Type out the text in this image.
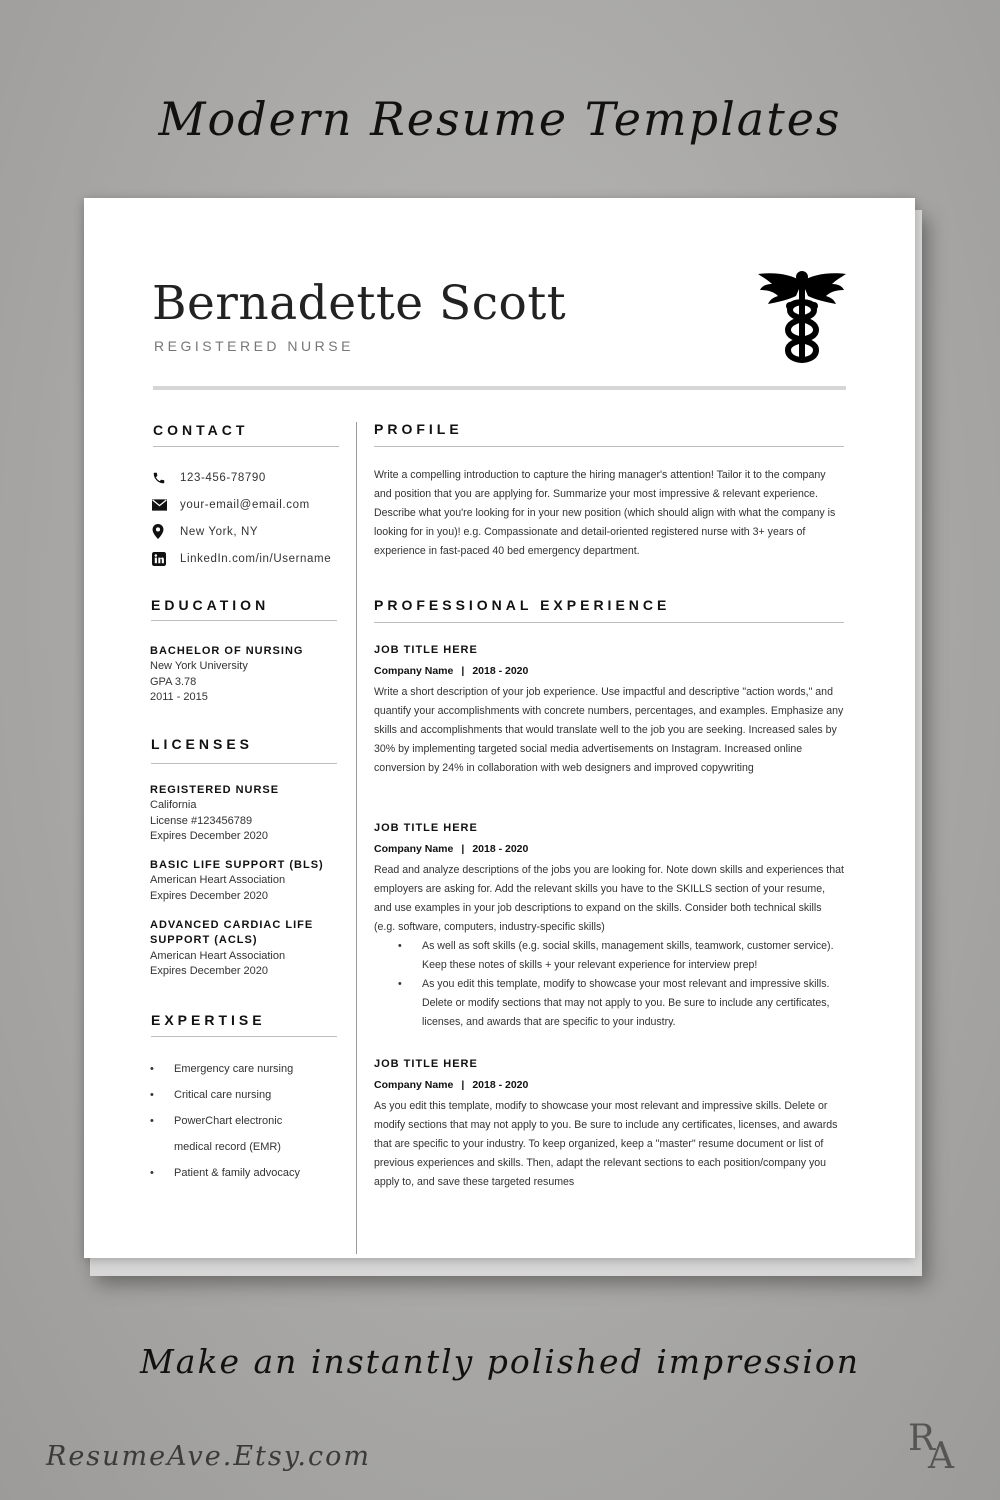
Modern Resume Templates
Bernadette Scott
REGISTERED NURSE
CONTACT
123-456-78790
your-email@email.com
New York, NY
LinkedIn.com/in/Username
EDUCATION
BACHELOR OF NURSING
New York University
GPA 3.78
2011 - 2015
LICENSES
REGISTERED NURSE
California
License #123456789
Expires December 2020
BASIC LIFE SUPPORT (BLS)
American Heart Association
Expires December 2020
ADVANCED CARDIAC LIFE SUPPORT (ACLS)
American Heart Association
Expires December 2020
EXPERTISE
• Emergency care nursing
• Critical care nursing
• PowerChart electronic medical record (EMR)
• Patient & family advocacy
PROFILE

Write a compelling introduction to capture the hiring manager's attention! Tailor it to the company and position that you are applying for. Summarize your most impressive & relevant experience. Describe what you're looking for in your new position (which should align with what the company is looking for in you)! e.g. Compassionate and detail-oriented registered nurse with 3+ years of experience in fast-paced 40 bed emergency department.

PROFESSIONAL EXPERIENCE
JOB TITLE HERE
Company Name | 2018 - 2020

Write a short description of your job experience. Use impactful and descriptive "action words," and quantify your accomplishments with concrete numbers, percentages, and examples. Emphasize any skills and accomplishments that would translate well to the job you are seeking. Increased sales by 30% by implementing targeted social media advertisements on Instagram. Increased online conversion by 24% in collaboration with web designers and improved copywriting

JOB TITLE HERE
Company Name | 2018 - 2020

Read and analyze descriptions of the jobs you are looking for. Note down skills and experiences that employers are asking for. Add the relevant skills you have to the SKILLS section of your resume, and use examples in your job descriptions to expand on the skills. Consider both technical skills (e.g. software, computers, industry-specific skills)

• As well as soft skills (e.g. social skills, management skills, teamwork, customer service). Keep these notes of skills + your relevant experience for interview prep!
• As you edit this template, modify to showcase your most relevant and impressive skills. Delete or modify sections that may not apply to you. Be sure to include any certificates, licenses, and awards that are specific to your industry.
JOB TITLE HERE
Company Name | 2018 - 2020

As you edit this template, modify to showcase your most relevant and impressive skills. Delete or modify sections that may not apply to you. Be sure to include any certificates, licenses, and awards that are specific to your industry. To keep organized, keep a "master" resume document or list of previous experiences and skills. Then, adapt the relevant sections to each position/company you apply to, and save these targeted resumes

Make an instantly polished impression
ResumeAve.Etsy.com	R
A
